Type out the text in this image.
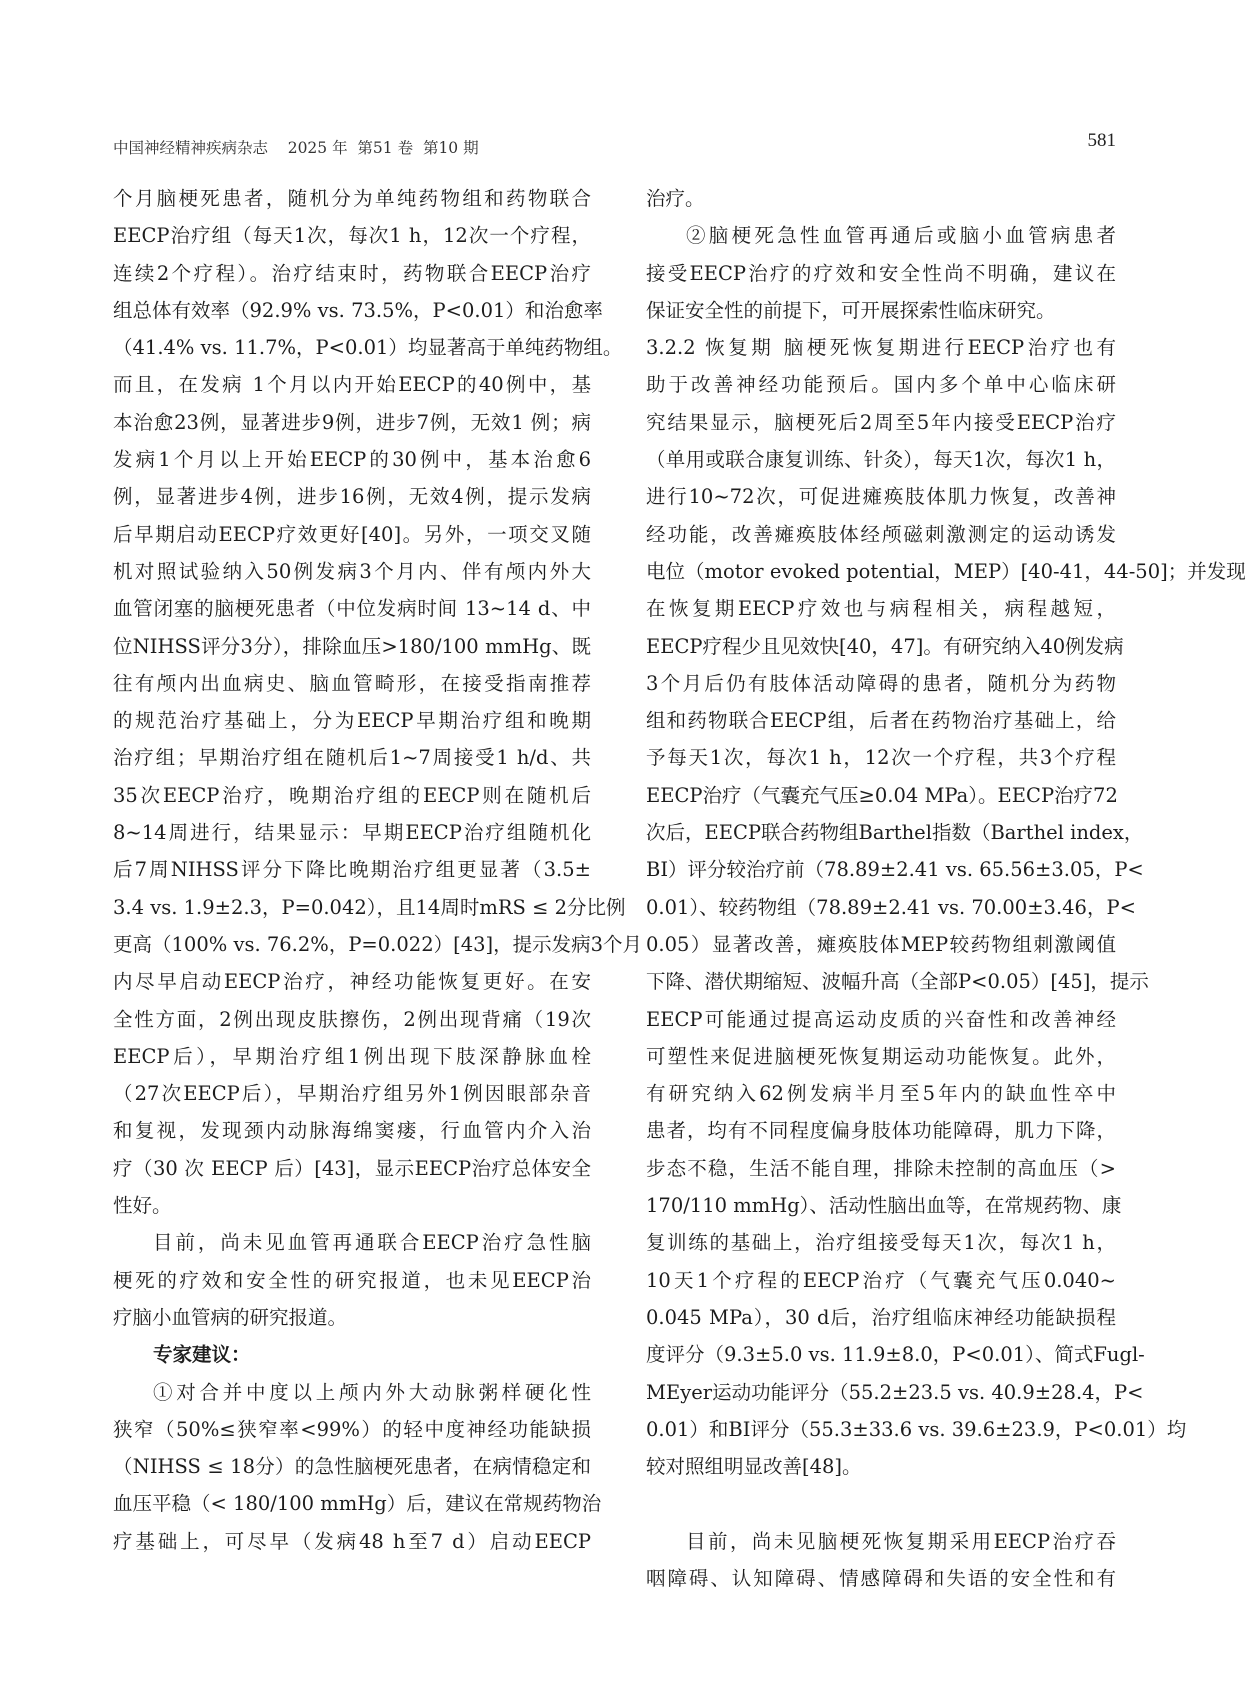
中国神经精神疾病杂志    2025 年  第51 卷  第10 期	581
个月脑梗死患者，随机分为单纯药物组和药物联合
EECP治疗组（每天1次，每次1 h，12次一个疗程，
连续2个疗程）。治疗结束时，药物联合EECP治疗
组总体有效率（92.9% vs. 73.5%，P<0.01）和治愈率
（41.4% vs. 11.7%，P<0.01）均显著高于单纯药物组。
而且，在发病 1个月以内开始EECP的40例中，基
本治愈23例，显著进步9例，进步7例，无效1 例；病
发病1个月以上开始EECP的30例中，基本治愈6
例，显著进步4例，进步16例，无效4例，提示发病
后早期启动EECP疗效更好[40]。另外，一项交叉随
机对照试验纳入50例发病3个月内、伴有颅内外大
血管闭塞的脑梗死患者（中位发病时间 13~14 d、中
位NIHSS评分3分），排除血压>180/100 mmHg、既
往有颅内出血病史、脑血管畸形，在接受指南推荐
的规范治疗基础上，分为EECP早期治疗组和晚期
治疗组；早期治疗组在随机后1~7周接受1 h/d、共
35次EECP治疗，晚期治疗组的EECP则在随机后
8~14周进行，结果显示：早期EECP治疗组随机化
后7周NIHSS评分下降比晚期治疗组更显著（3.5±
3.4 vs. 1.9±2.3，P=0.042），且14周时mRS ≤ 2分比例
更高（100% vs. 76.2%，P=0.022）[43]，提示发病3个月
内尽早启动EECP治疗，神经功能恢复更好。在安
全性方面，2例出现皮肤擦伤，2例出现背痛（19次
EECP后），早期治疗组1例出现下肢深静脉血栓
（27次EECP后），早期治疗组另外1例因眼部杂音
和复视，发现颈内动脉海绵窦瘘，行血管内介入治
疗（30 次 EECP 后）[43]，显示EECP治疗总体安全
性好。
目前，尚未见血管再通联合EECP治疗急性脑
梗死的疗效和安全性的研究报道，也未见EECP治
疗脑小血管病的研究报道。
专家建议：
①对合并中度以上颅内外大动脉粥样硬化性
狭窄（50%≤狭窄率<99%）的轻中度神经功能缺损
（NIHSS ≤ 18分）的急性脑梗死患者，在病情稳定和
血压平稳（< 180/100 mmHg）后，建议在常规药物治
疗基础上，可尽早（发病48 h至7 d）启动EECP
治疗。
②脑梗死急性血管再通后或脑小血管病患者
接受EECP治疗的疗效和安全性尚不明确，建议在
保证安全性的前提下，可开展探索性临床研究。
3.2.2 恢复期 脑梗死恢复期进行EECP治疗也有
助于改善神经功能预后。国内多个单中心临床研
究结果显示，脑梗死后2周至5年内接受EECP治疗
（单用或联合康复训练、针灸），每天1次，每次1 h，
进行10~72次，可促进瘫痪肢体肌力恢复，改善神
经功能，改善瘫痪肢体经颅磁刺激测定的运动诱发
电位（motor evoked potential，MEP）[40-41，44-50]；并发现
在恢复期EECP疗效也与病程相关，病程越短，
EECP疗程少且见效快[40，47]。有研究纳入40例发病
3个月后仍有肢体活动障碍的患者，随机分为药物
组和药物联合EECP组，后者在药物治疗基础上，给
予每天1次，每次1 h，12次一个疗程，共3个疗程
EECP治疗（气囊充气压≥0.04 MPa）。EECP治疗72
次后，EECP联合药物组Barthel指数（Barthel index，
BI）评分较治疗前（78.89±2.41 vs. 65.56±3.05，P<
0.01）、较药物组（78.89±2.41 vs. 70.00±3.46，P<
0.05）显著改善，瘫痪肢体MEP较药物组刺激阈值
下降、潜伏期缩短、波幅升高（全部P<0.05）[45]，提示
EECP可能通过提高运动皮质的兴奋性和改善神经
可塑性来促进脑梗死恢复期运动功能恢复。此外，
有研究纳入62例发病半月至5年内的缺血性卒中
患者，均有不同程度偏身肢体功能障碍，肌力下降，
步态不稳，生活不能自理，排除未控制的高血压（>
170/110 mmHg）、活动性脑出血等，在常规药物、康
复训练的基础上，治疗组接受每天1次，每次1 h，
10天1个疗程的EECP治疗（气囊充气压0.040~
0.045 MPa），30 d后，治疗组临床神经功能缺损程
度评分（9.3±5.0 vs. 11.9±8.0，P<0.01）、简式Fugl-
MEyer运动功能评分（55.2±23.5 vs. 40.9±28.4，P<
0.01）和BI评分（55.3±33.6 vs. 39.6±23.9，P<0.01）均
较对照组明显改善[48]。
目前，尚未见脑梗死恢复期采用EECP治疗吞
咽障碍、认知障碍、情感障碍和失语的安全性和有
